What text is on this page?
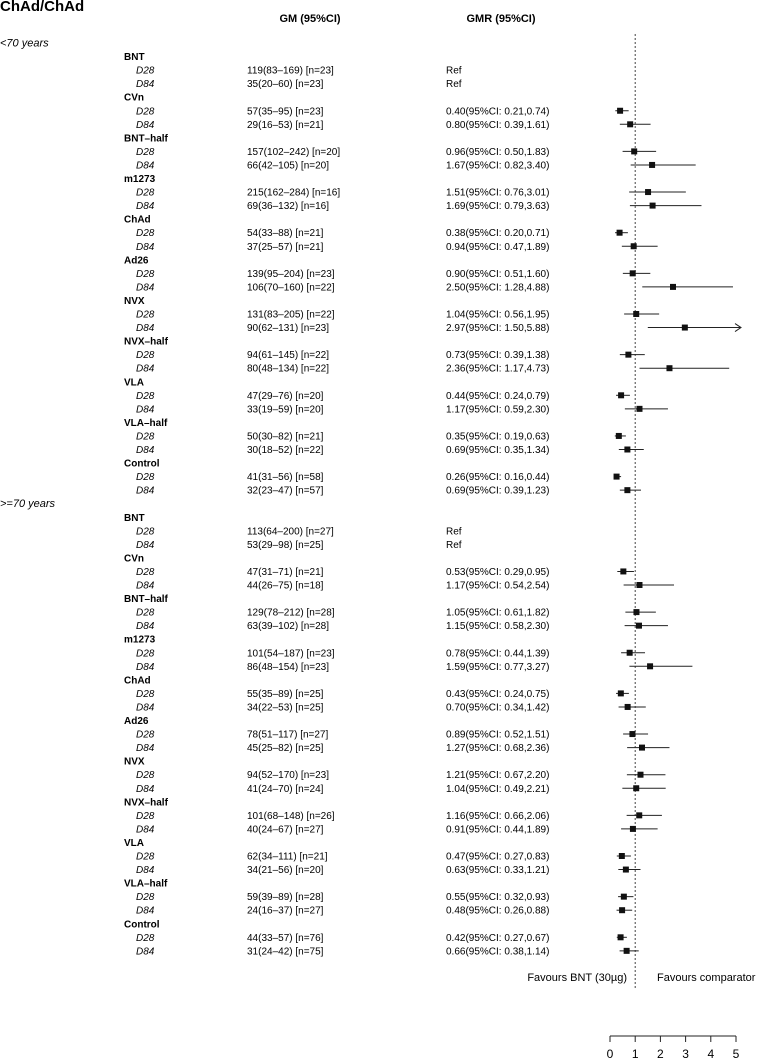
ChAd/ChAd
GM (95%CI)	GMR (95%CI)
<70 years
BNT
D28	119(83–169) [n=23]	Ref
D84	35(20–60) [n=23]	Ref
CVn
D28	57(35–95) [n=23]	0.40(95%CI: 0.21,0.74)
D84	29(16–53) [n=21]	0.80(95%CI: 0.39,1.61)
BNT–half
D28	157(102–242) [n=20]	0.96(95%CI: 0.50,1.83)
D84	66(42–105) [n=20]	1.67(95%CI: 0.82,3.40)
m1273
D28	215(162–284) [n=16]	1.51(95%CI: 0.76,3.01)
D84	69(36–132) [n=16]	1.69(95%CI: 0.79,3.63)
ChAd
D28	54(33–88) [n=21]	0.38(95%CI: 0.20,0.71)
D84	37(25–57) [n=21]	0.94(95%CI: 0.47,1.89)
Ad26
D28	139(95–204) [n=23]	0.90(95%CI: 0.51,1.60)
D84	106(70–160) [n=22]	2.50(95%CI: 1.28,4.88)
NVX
D28	131(83–205) [n=22]	1.04(95%CI: 0.56,1.95)
D84	90(62–131) [n=23]	2.97(95%CI: 1.50,5.88)
NVX–half
D28	94(61–145) [n=22]	0.73(95%CI: 0.39,1.38)
D84	80(48–134) [n=22]	2.36(95%CI: 1.17,4.73)
VLA
D28	47(29–76) [n=20]	0.44(95%CI: 0.24,0.79)
D84	33(19–59) [n=20]	1.17(95%CI: 0.59,2.30)
VLA–half
D28	50(30–82) [n=21]	0.35(95%CI: 0.19,0.63)
D84	30(18–52) [n=22]	0.69(95%CI: 0.35,1.34)
Control
D28	41(31–56) [n=58]	0.26(95%CI: 0.16,0.44)
D84	32(23–47) [n=57]	0.69(95%CI: 0.39,1.23)
>=70 years
BNT
D28	113(64–200) [n=27]	Ref
D84	53(29–98) [n=25]	Ref
CVn
D28	47(31–71) [n=21]	0.53(95%CI: 0.29,0.95)
D84	44(26–75) [n=18]	1.17(95%CI: 0.54,2.54)
BNT–half
D28	129(78–212) [n=28]	1.05(95%CI: 0.61,1.82)
D84	63(39–102) [n=28]	1.15(95%CI: 0.58,2.30)
m1273
D28	101(54–187) [n=23]	0.78(95%CI: 0.44,1.39)
D84	86(48–154) [n=23]	1.59(95%CI: 0.77,3.27)
ChAd
D28	55(35–89) [n=25]	0.43(95%CI: 0.24,0.75)
D84	34(22–53) [n=25]	0.70(95%CI: 0.34,1.42)
Ad26
D28	78(51–117) [n=27]	0.89(95%CI: 0.52,1.51)
D84	45(25–82) [n=25]	1.27(95%CI: 0.68,2.36)
NVX
D28	94(52–170) [n=23]	1.21(95%CI: 0.67,2.20)
D84	41(24–70) [n=24]	1.04(95%CI: 0.49,2.21)
NVX–half
D28	101(68–148) [n=26]	1.16(95%CI: 0.66,2.06)
D84	40(24–67) [n=27]	0.91(95%CI: 0.44,1.89)
VLA
D28	62(34–111) [n=21]	0.47(95%CI: 0.27,0.83)
D84	34(21–56) [n=20]	0.63(95%CI: 0.33,1.21)
VLA–half
D28	59(39–89) [n=28]	0.55(95%CI: 0.32,0.93)
D84	24(16–37) [n=27]	0.48(95%CI: 0.26,0.88)
Control
D28	44(33–57) [n=76]	0.42(95%CI: 0.27,0.67)
D84	31(24–42) [n=75]	0.66(95%CI: 0.38,1.14)
Favours BNT (30µg)	Favours comparator
0 1 2 3 4 5
